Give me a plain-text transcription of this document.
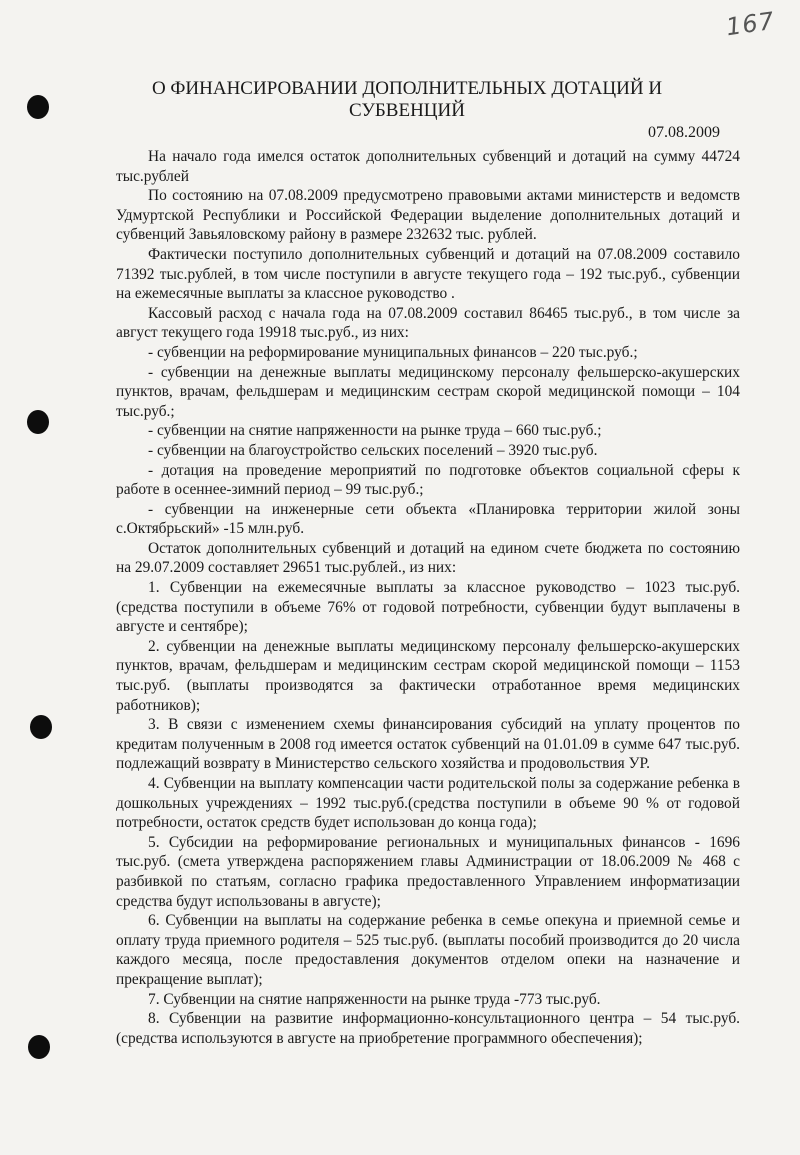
167
О ФИНАНСИРОВАНИИ ДОПОЛНИТЕЛЬНЫХ ДОТАЦИЙ И СУБВЕНЦИЙ
07.08.2009

На начало года имелся остаток дополнительных субвенций и дотаций на сумму 44724 тыс.рублей

По состоянию на 07.08.2009 предусмотрено правовыми актами министерств и ведомств Удмуртской Республики и Российской Федерации выделение дополнительных дотаций и субвенций Завьяловскому району в размере 232632 тыс. рублей.

Фактически поступило дополнительных субвенций и дотаций на 07.08.2009 составило 71392 тыс.рублей, в том числе поступили в августе текущего года – 192 тыс.руб., субвенции на ежемесячные выплаты за классное руководство .

Кассовый расход с начала года на 07.08.2009 составил 86465 тыс.руб., в том числе за август текущего года 19918 тыс.руб., из них:

- субвенции на реформирование муниципальных финансов – 220 тыс.руб.;

- субвенции на денежные выплаты медицинскому персоналу фельшерско-акушерских пунктов, врачам, фельдшерам и медицинским сестрам скорой медицинской помощи – 104 тыс.руб.;

- субвенции на снятие напряженности на рынке труда – 660 тыс.руб.;

- субвенции на благоустройство сельских поселений – 3920 тыс.руб.

- дотация на проведение мероприятий по подготовке объектов социальной сферы к работе в осеннее-зимний период – 99 тыс.руб.;

- субвенции на инженерные сети объекта «Планировка территории жилой зоны с.Октябрьский» -15 млн.руб.

Остаток дополнительных субвенций и дотаций на едином счете бюджета по состоянию на 29.07.2009 составляет 29651 тыс.рублей., из них:

1. Субвенции на ежемесячные выплаты за классное руководство – 1023 тыс.руб. (средства поступили в объеме 76% от годовой потребности, субвенции будут выплачены в августе и сентябре);

2. субвенции на денежные выплаты медицинскому персоналу фельшерско-акушерских пунктов, врачам, фельдшерам и медицинским сестрам скорой медицинской помощи – 1153 тыс.руб. (выплаты производятся за фактически отработанное время медицинских работников);

3. В связи с изменением схемы финансирования субсидий на уплату процентов по кредитам полученным в 2008 год имеется остаток субвенций на 01.01.09 в сумме 647 тыс.руб. подлежащий возврату в Министерство сельского хозяйства и продовольствия УР.

4. Субвенции на выплату компенсации части родительской полы за содержание ребенка в дошкольных учреждениях – 1992 тыс.руб.(средства поступили в объеме 90 % от годовой потребности, остаток средств будет использован до конца года);

5. Субсидии на реформирование региональных и муниципальных финансов - 1696 тыс.руб. (смета утверждена распоряжением главы Администрации от 18.06.2009 № 468 с разбивкой по статьям, согласно графика предоставленного Управлением информатизации средства будут использованы в августе);

6. Субвенции на выплаты на содержание ребенка в семье опекуна и приемной семье и оплату труда приемного родителя – 525 тыс.руб. (выплаты пособий производится до 20 числа каждого месяца, после предоставления документов отделом опеки на назначение и прекращение выплат);

7. Субвенции на снятие напряженности на рынке труда -773 тыс.руб.

8. Субвенции на развитие информационно-консультационного центра – 54 тыс.руб.(средства используются в августе на приобретение программного обеспечения);
